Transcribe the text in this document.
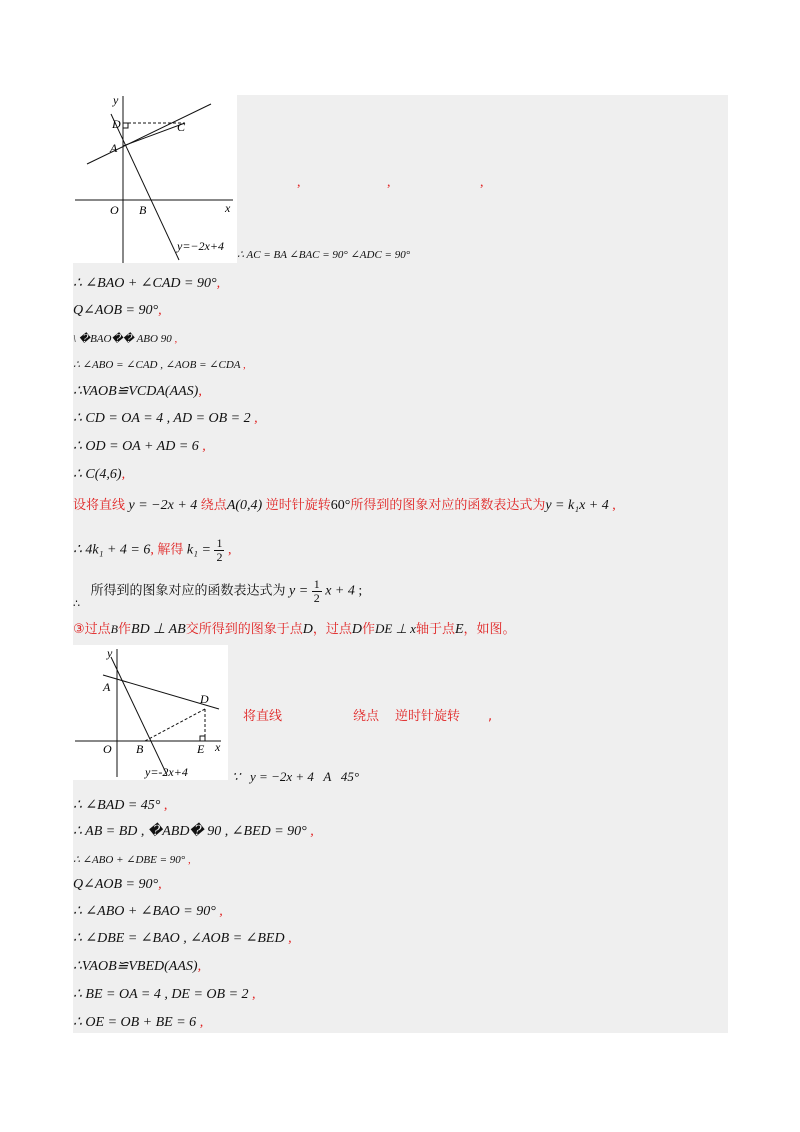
y
x
D	C
A
O B
y=−2x+4
,	,	,
∴ AC = BA ∠BAC = 90° ∠ADC = 90°
∴ ∠BAO + ∠CAD = 90°,
Q∠AOB = 90°,
\ �BAO�� ABO 90 ,
∴ ∠ABO = ∠CAD , ∠AOB = ∠CDA ,
∴VAOB≌VCDA(AAS),
∴ CD = OA = 4 , AD = OB = 2 ,
∴ OD = OA + AD = 6 ,
∴ C(4,6),
设将直线 y = −2x + 4 绕点A(0,4) 逆时针旋转60°所得到的图象对应的函数表达式为y = k₁x + 4 ,
∴ 4k₁ + 4 = 6, 解得 $k_1 = \frac{1}{2}$ ,
所得到的图象对应的函数表达式为 $y = \frac{1}{2}$ x + 4 ;
∴
③过点B作BD ⊥ AB交所得到的图象于点D，过点D作DE ⊥ x轴于点E，如图。
y
x
A
D
O B	E
y=-2x+4
将直线	绕点 逆时针旋转 ,
∵   y = −2x + 4   A   45°
∴ ∠BAD = 45° ,
∴ AB = BD , �ABD� 90 , ∠BED = 90° ,
∴ ∠ABO + ∠DBE = 90° ,
Q∠AOB = 90°,
∴ ∠ABO + ∠BAO = 90° ,
∴ ∠DBE = ∠BAO , ∠AOB = ∠BED ,
∴VAOB≌VBED(AAS),
∴ BE = OA = 4 , DE = OB = 2 ,
∴ OE = OB + BE = 6 ,
